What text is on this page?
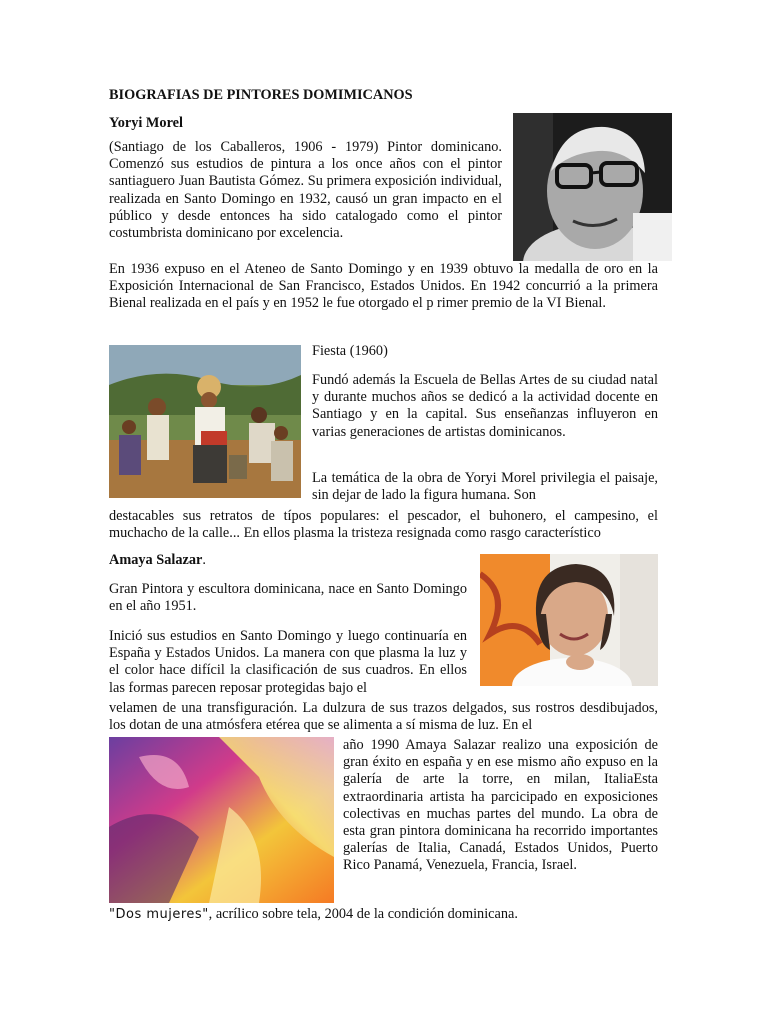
BIOGRAFIAS DE PINTORES DOMIMICANOS
Yoryi Morel
(Santiago de los Caballeros, 1906 - 1979) Pintor dominicano. Comenzó sus estudios de pintura a los once años con el pintor santiaguero Juan Bautista Gómez. Su primera exposición individual, realizada en Santo Domingo en 1932, causó un gran impacto en el público y desde entonces ha sido catalogado como el pintor costumbrista dominicano por excelencia.
En 1936 expuso en el Ateneo de Santo Domingo y en 1939 obtuvo la medalla de oro en la Exposición Internacional de San Francisco, Estados Unidos. En 1942 concurrió a la primera Bienal realizada en el país y en 1952 le fue otorgado el p rimer premio de la VI Bienal.
Fiesta (1960)
Fundó además la Escuela de Bellas Artes de su ciudad natal y durante muchos años se dedicó a la actividad docente en Santiago y en la capital. Sus enseñanzas influyeron en varias generaciones de artistas dominicanos.
La temática de la obra de Yoryi Morel privilegia el paisaje, sin dejar de lado la figura humana. Son
destacables sus retratos de típos populares: el pescador, el buhonero, el campesino, el muchacho de la calle... En ellos plasma la tristeza resignada como rasgo característico
Amaya Salazar.
Gran Pintora y escultora dominicana, nace en Santo Domingo en el año 1951.
Inició sus estudios en Santo Domingo y luego continuaría en España y Estados Unidos. La manera con que plasma la luz y el color hace difícil la clasificación de sus cuadros. En ellos las formas parecen reposar protegidas bajo el
velamen de una transfiguración. La dulzura de sus trazos delgados, sus rostros desdibujados, los dotan de una atmósfera etérea que se alimenta a sí misma de luz. En el
año 1990 Amaya Salazar realizo una exposición de gran éxito en españa y en ese mismo año expuso en la galería de arte la torre, en milan, ItaliaEsta extraordinaria artista ha parcicipado en exposiciones colectivas en muchas partes del mundo. La obra de esta gran pintora dominicana ha recorrido importantes galerías de Italia, Canadá, Estados Unidos, Puerto Rico Panamá, Venezuela, Francia, Israel.
"Dos mujeres", acrílico sobre tela, 2004 de la condición dominicana.
